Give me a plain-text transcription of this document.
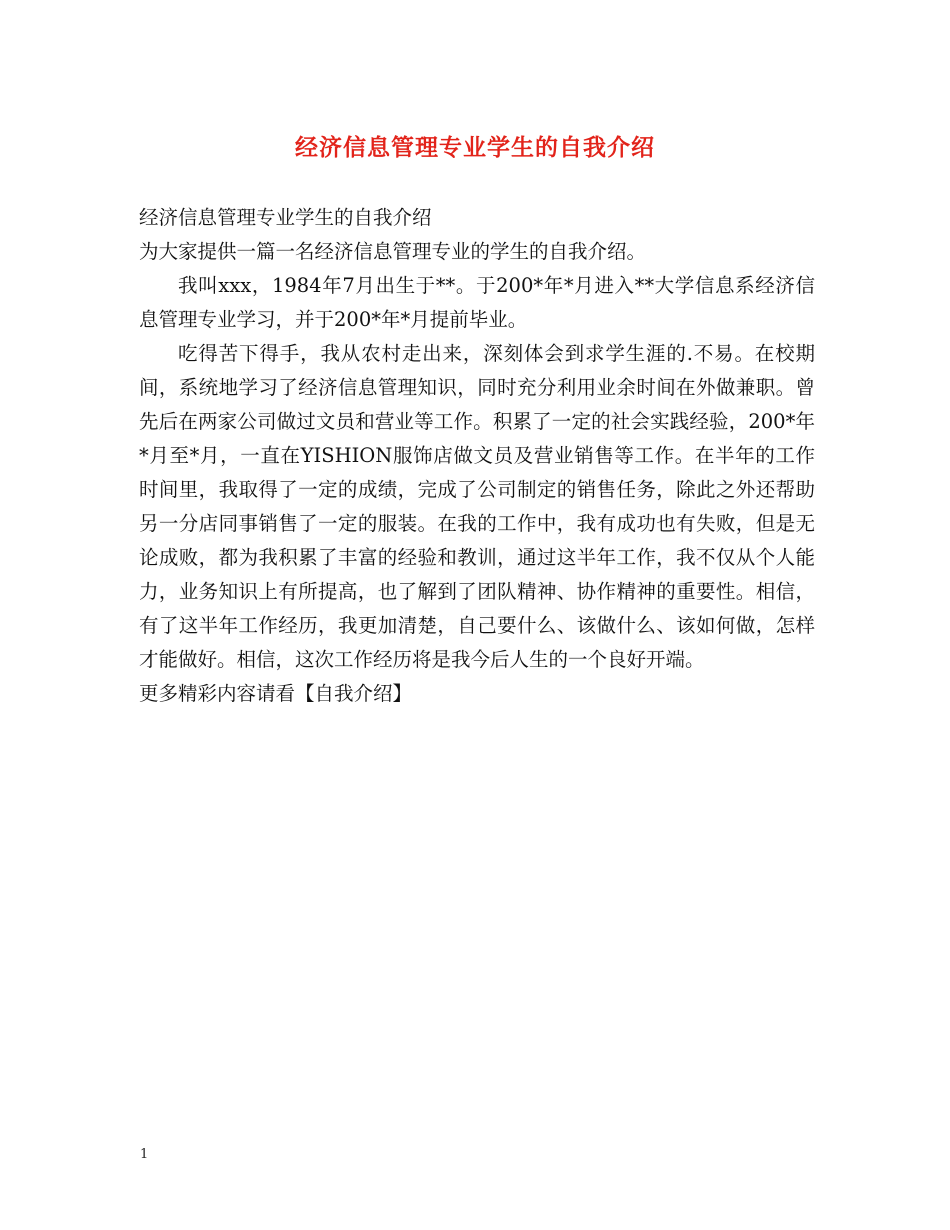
经济信息管理专业学生的自我介绍

经济信息管理专业学生的自我介绍

为大家提供一篇一名经济信息管理专业的学生的自我介绍。

我叫xxx，1984年7月出生于**。于200*年*月进入**大学信息系经济信息管理专业学习，并于200*年*月提前毕业。

吃得苦下得手，我从农村走出来，深刻体会到求学生涯的.不易。在校期间，系统地学习了经济信息管理知识，同时充分利用业余时间在外做兼职。曾先后在两家公司做过文员和营业等工作。积累了一定的社会实践经验，200*年*月至*月，一直在YISHION服饰店做文员及营业销售等工作。在半年的工作时间里，我取得了一定的成绩，完成了公司制定的销售任务，除此之外还帮助另一分店同事销售了一定的服装。在我的工作中，我有成功也有失败，但是无论成败，都为我积累了丰富的经验和教训，通过这半年工作，我不仅从个人能力，业务知识上有所提高，也了解到了团队精神、协作精神的重要性。相信，有了这半年工作经历，我更加清楚，自己要什么、该做什么、该如何做，怎样才能做好。相信，这次工作经历将是我今后人生的一个良好开端。

更多精彩内容请看【自我介绍】

1
